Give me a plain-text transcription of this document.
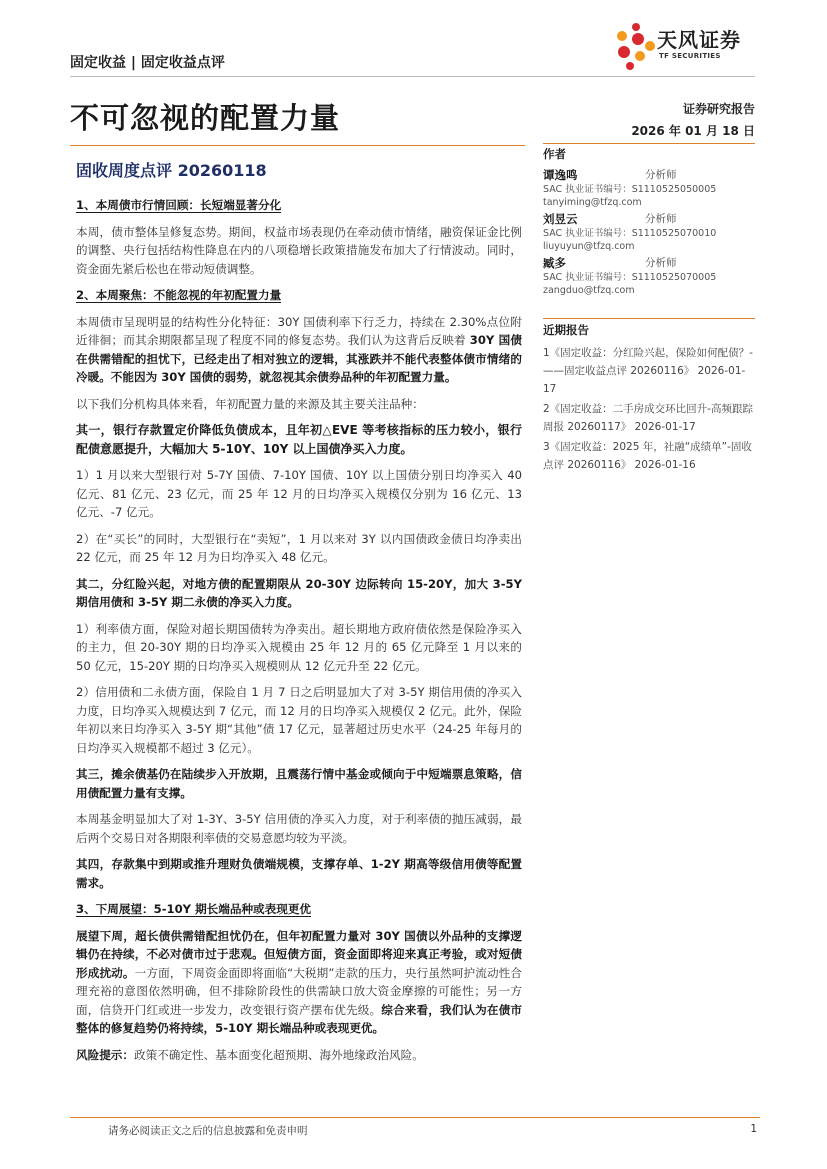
固定收益 | 固定收益点评
天风证券
TF SECURITIES
不可忽视的配置力量	证券研究报告
2026 年 01 月 18 日
固收周度点评 20260118

1、本周债市行情回顾：长短端显著分化

本周，债市整体呈修复态势。期间，权益市场表现仍在牵动债市情绪，融资保证金比例的调整、央行包括结构性降息在内的八项稳增长政策措施发布加大了行情波动。同时，资金面先紧后松也在带动短债调整。

2、本周聚焦：不能忽视的年初配置力量

本周债市呈现明显的结构性分化特征：30Y 国债利率下行乏力，持续在 2.30%点位附近徘徊；而其余期限都呈现了程度不同的修复态势。我们认为这背后反映着 30Y 国债在供需错配的担忧下，已经走出了相对独立的逻辑，其涨跌并不能代表整体债市情绪的冷暖。不能因为 30Y 国债的弱势，就忽视其余债券品种的年初配置力量。

以下我们分机构具体来看，年初配置力量的来源及其主要关注品种：

其一，银行存款置定价降低负债成本，且年初△EVE 等考核指标的压力较小，银行配债意愿提升，大幅加大 5-10Y、10Y 以上国债净买入力度。

1）1 月以来大型银行对 5-7Y 国债、7-10Y 国债、10Y 以上国债分别日均净买入 40 亿元、81 亿元、23 亿元，而 25 年 12 月的日均净买入规模仅分别为 16 亿元、13 亿元、-7 亿元。

2）在“买长”的同时，大型银行在“卖短”，1 月以来对 3Y 以内国债政金债日均净卖出 22 亿元，而 25 年 12 月为日均净买入 48 亿元。

其二，分红险兴起，对地方债的配置期限从 20-30Y 边际转向 15-20Y，加大 3-5Y 期信用债和 3-5Y 期二永债的净买入力度。

1）利率债方面，保险对超长期国债转为净卖出。超长期地方政府债依然是保险净买入的主力，但 20-30Y 期的日均净买入规模由 25 年 12 月的 65 亿元降至 1 月以来的 50 亿元，15-20Y 期的日均净买入规模则从 12 亿元升至 22 亿元。

2）信用债和二永债方面，保险自 1 月 7 日之后明显加大了对 3-5Y 期信用债的净买入力度，日均净买入规模达到 7 亿元，而 12 月的日均净买入规模仅 2 亿元。此外，保险年初以来日均净买入 3-5Y 期“其他”债 17 亿元，显著超过历史水平（24-25 年每月的日均净买入规模都不超过 3 亿元）。

其三，摊余债基仍在陆续步入开放期，且震荡行情中基金或倾向于中短端票息策略，信用债配置力量有支撑。

本周基金明显加大了对 1-3Y、3-5Y 信用债的净买入力度，对于利率债的抛压减弱，最后两个交易日对各期限利率债的交易意愿均较为平淡。

其四，存款集中到期或推升理财负债端规模，支撑存单、1-2Y 期高等级信用债等配置需求。

3、下周展望：5-10Y 期长端品种或表现更优

展望下周，超长债供需错配担忧仍在，但年初配置力量对 30Y 国债以外品种的支撑逻辑仍在持续，不必对债市过于悲观。但短债方面，资金面即将迎来真正考验，或对短债形成扰动。一方面，下周资金面即将面临“大税期”走款的压力，央行虽然呵护流动性合理充裕的意图依然明确，但不排除阶段性的供需缺口放大资金摩擦的可能性；另一方面，信贷开门红或进一步发力，改变银行资产摆布优先级。综合来看，我们认为在债市整体的修复趋势仍将持续，5-10Y 期长端品种或表现更优。

风险提示：政策不确定性、基本面变化超预期、海外地缘政治风险。

作者
谭逸鸣	分析师
SAC 执业证书编号：S1110525050005
tanyiming@tfzq.com
刘昱云	分析师
SAC 执业证书编号：S1110525070010
liuyuyun@tfzq.com
臧多	分析师
SAC 执业证书编号：S1110525070005
zangduo@tfzq.com
近期报告

1《固定收益：分红险兴起，保险如何配债？-——固定收益点评 20260116》 2026-01-17

2《固定收益：二手房成交环比回升-高频跟踪周报 20260117》 2026-01-17

3《固定收益：2025 年，社融“成绩单”-固收点评 20260116》 2026-01-16

请务必阅读正文之后的信息披露和免责申明	1
